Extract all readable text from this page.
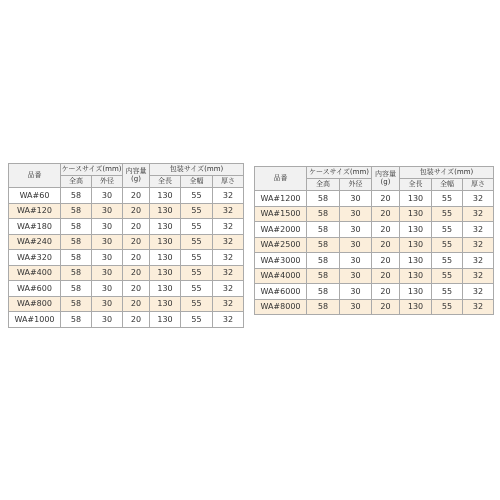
品番	ケースサイズ(mm)		内容量(g)	包装サイズ(mm)		
	全高	外径		全長	全幅	厚さ
WA#60	58	30	20	130	55	32
WA#120	58	30	20	130	55	32
WA#180	58	30	20	130	55	32
WA#240	58	30	20	130	55	32
WA#320	58	30	20	130	55	32
WA#400	58	30	20	130	55	32
WA#600	58	30	20	130	55	32
WA#800	58	30	20	130	55	32
WA#1000	58	30	20	130	55	32
品番	ケースサイズ(mm)		内容量(g)	包装サイズ(mm)		
	全高	外径		全長	全幅	厚さ
WA#1200	58	30	20	130	55	32
WA#1500	58	30	20	130	55	32
WA#2000	58	30	20	130	55	32
WA#2500	58	30	20	130	55	32
WA#3000	58	30	20	130	55	32
WA#4000	58	30	20	130	55	32
WA#6000	58	30	20	130	55	32
WA#8000	58	30	20	130	55	32
